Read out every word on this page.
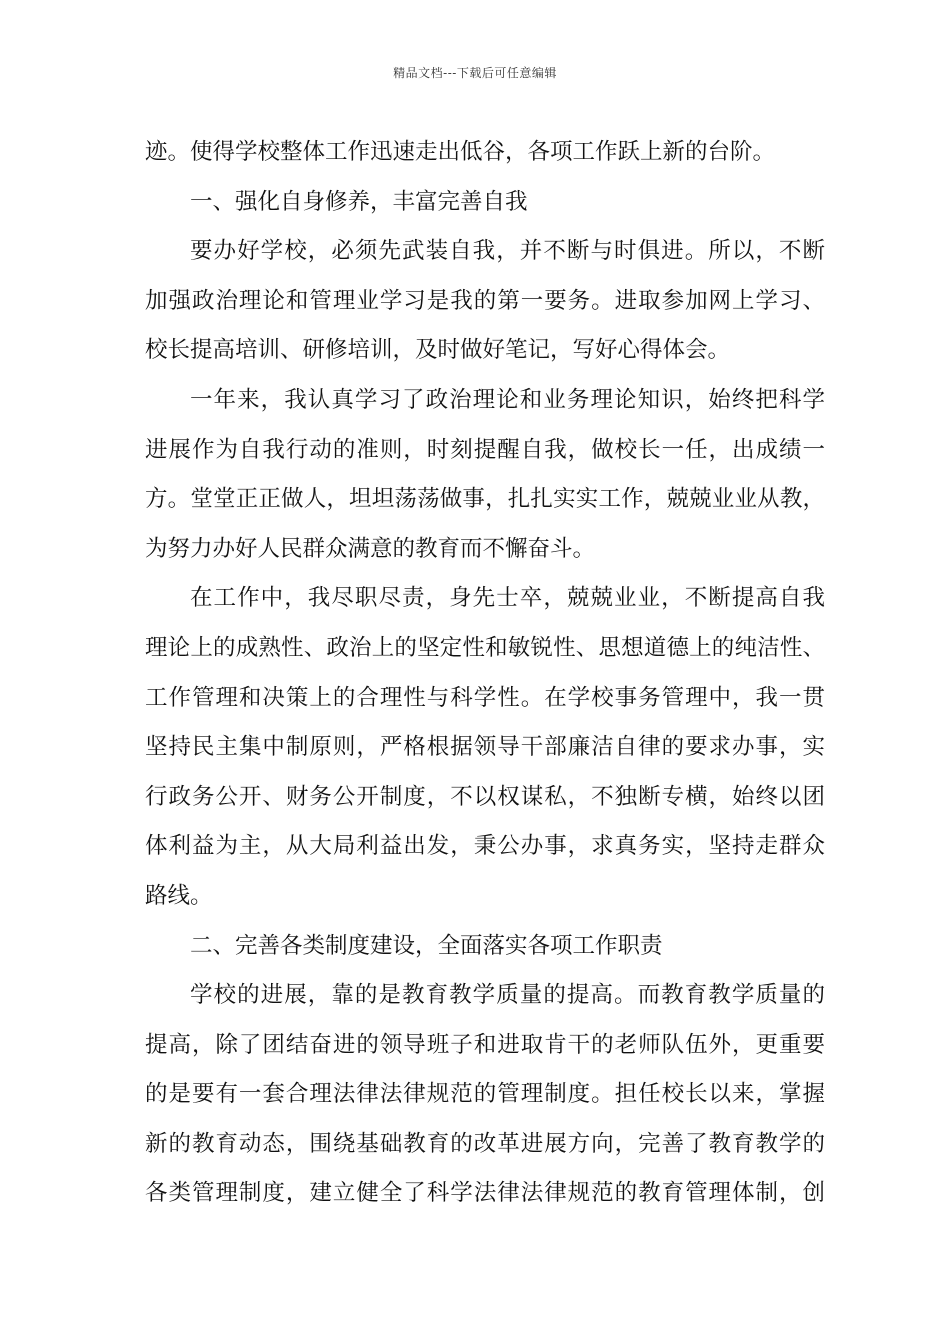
精品文档---下载后可任意编辑
迹。使得学校整体工作迅速走出低谷，各项工作跃上新的台阶。
一、强化自身修养，丰富完善自我
要办好学校，必须先武装自我，并不断与时俱进。所以，不断
加强政治理论和管理业学习是我的第一要务。进取参加网上学习、
校长提高培训、研修培训，及时做好笔记，写好心得体会。
一年来，我认真学习了政治理论和业务理论知识，始终把科学
进展作为自我行动的准则，时刻提醒自我，做校长一任，出成绩一
方。堂堂正正做人，坦坦荡荡做事，扎扎实实工作，兢兢业业从教，
为努力办好人民群众满意的教育而不懈奋斗。
在工作中，我尽职尽责，身先士卒，兢兢业业，不断提高自我
理论上的成熟性、政治上的坚定性和敏锐性、思想道德上的纯洁性、
工作管理和决策上的合理性与科学性。在学校事务管理中，我一贯
坚持民主集中制原则，严格根据领导干部廉洁自律的要求办事，实
行政务公开、财务公开制度，不以权谋私，不独断专横，始终以团
体利益为主，从大局利益出发，秉公办事，求真务实，坚持走群众
路线。
二、完善各类制度建设，全面落实各项工作职责
学校的进展，靠的是教育教学质量的提高。而教育教学质量的
提高，除了团结奋进的领导班子和进取肯干的老师队伍外，更重要
的是要有一套合理法律法律规范的管理制度。担任校长以来，掌握
新的教育动态，围绕基础教育的改革进展方向，完善了教育教学的
各类管理制度，建立健全了科学法律法律规范的教育管理体制，创
